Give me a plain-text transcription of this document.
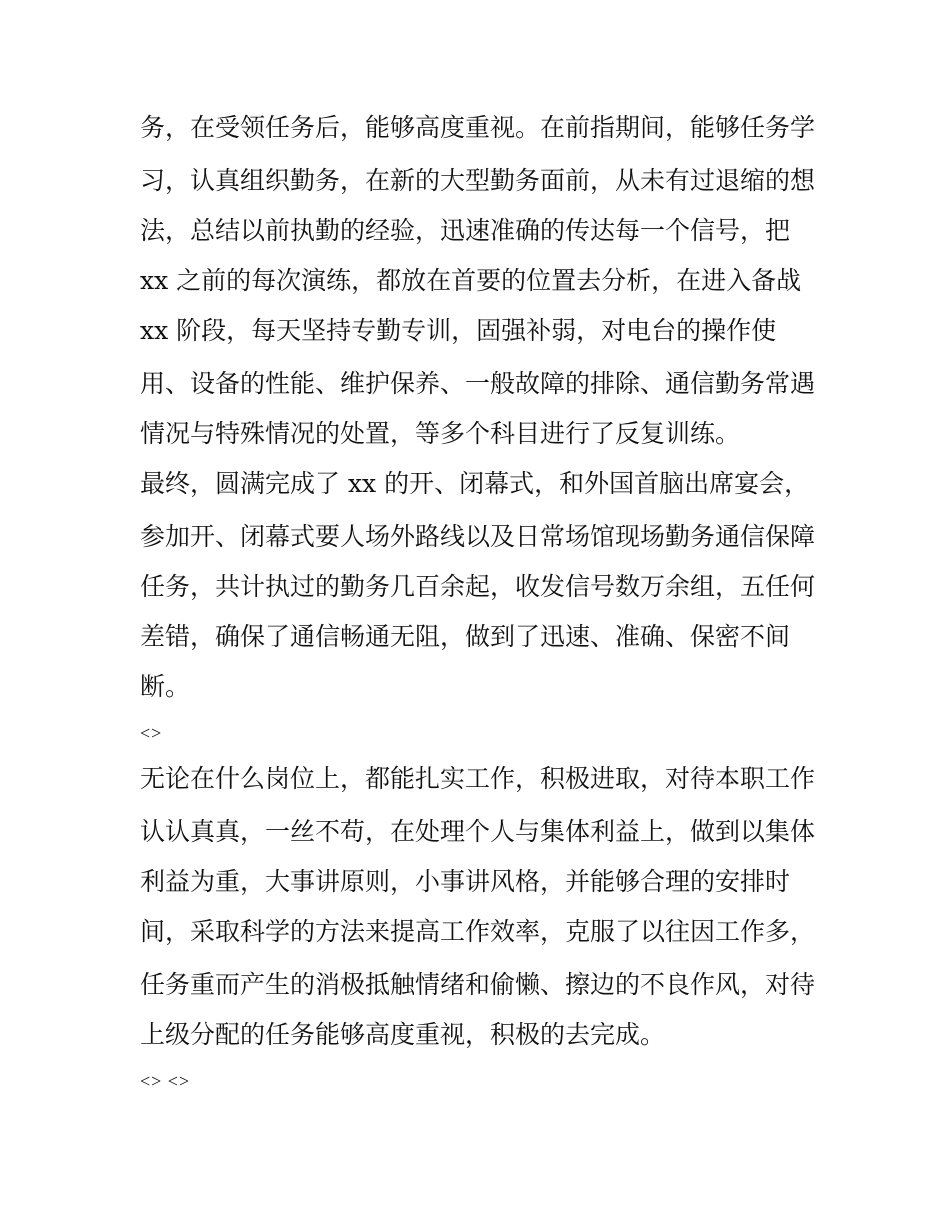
务，在受领任务后，能够高度重视。在前指期间，能够任务学
习，认真组织勤务，在新的大型勤务面前，从未有过退缩的想
法，总结以前执勤的经验，迅速准确的传达每一个信号，把
xx 之前的每次演练，都放在首要的位置去分析，在进入备战
xx 阶段，每天坚持专勤专训，固强补弱，对电台的操作使
用、设备的性能、维护保养、一般故障的排除、通信勤务常遇
情况与特殊情况的处置，等多个科目进行了反复训练。
最终，圆满完成了 xx 的开、闭幕式，和外国首脑出席宴会，
参加开、闭幕式要人场外路线以及日常场馆现场勤务通信保障
任务，共计执过的勤务几百余起，收发信号数万余组，五任何
差错，确保了通信畅通无阻，做到了迅速、准确、保密不间
断。
<>
无论在什么岗位上，都能扎实工作，积极进取，对待本职工作
认认真真，一丝不苟，在处理个人与集体利益上，做到以集体
利益为重，大事讲原则，小事讲风格，并能够合理的安排时
间，采取科学的方法来提高工作效率，克服了以往因工作多，
任务重而产生的消极抵触情绪和偷懒、擦边的不良作风，对待
上级分配的任务能够高度重视，积极的去完成。
<> <>
